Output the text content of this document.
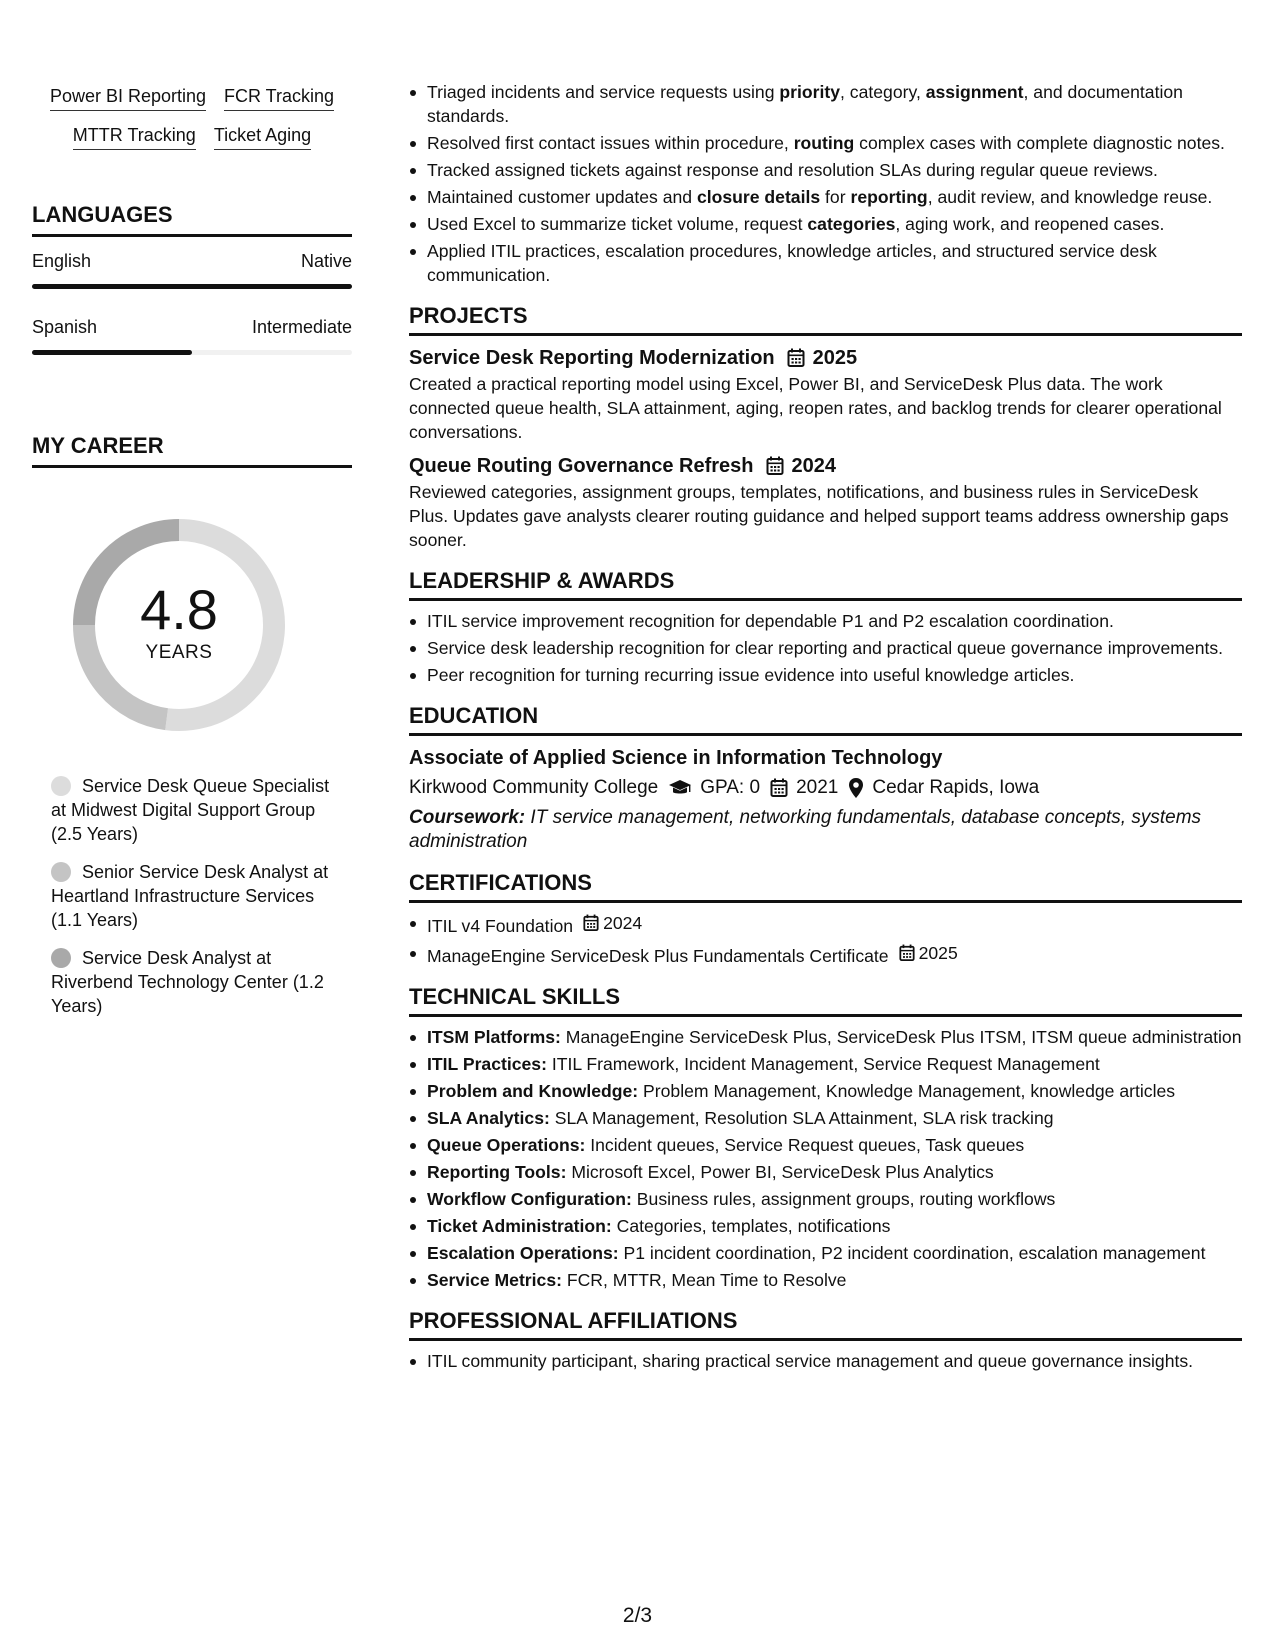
Power BI Reporting FCR Tracking
MTTR Tracking Ticket Aging
LANGUAGES
English	Native
Spanish	Intermediate
MY CAREER
4.8
YEARS
Service Desk Queue Specialist at Midwest Digital Support Group (2.5 Years)
Senior Service Desk Analyst at Heartland Infrastructure Services (1.1 Years)
Service Desk Analyst at Riverbend Technology Center (1.2 Years)
Triaged incidents and service requests using priority, category, assignment, and documentation standards.
Resolved first contact issues within procedure, routing complex cases with complete diagnostic notes.
Tracked assigned tickets against response and resolution SLAs during regular queue reviews.
Maintained customer updates and closure details for reporting, audit review, and knowledge reuse.
Used Excel to summarize ticket volume, request categories, aging work, and reopened cases.
Applied ITIL practices, escalation procedures, knowledge articles, and structured service desk communication.
PROJECTS
Service Desk Reporting Modernization 2025
Created a practical reporting model using Excel, Power BI, and ServiceDesk Plus data. The work connected queue health, SLA attainment, aging, reopen rates, and backlog trends for clearer operational conversations.
Queue Routing Governance Refresh 2024
Reviewed categories, assignment groups, templates, notifications, and business rules in ServiceDesk Plus. Updates gave analysts clearer routing guidance and helped support teams address ownership gaps sooner.
LEADERSHIP & AWARDS
ITIL service improvement recognition for dependable P1 and P2 escalation coordination.
Service desk leadership recognition for clear reporting and practical queue governance improvements.
Peer recognition for turning recurring issue evidence into useful knowledge articles.
EDUCATION
Associate of Applied Science in Information Technology
Kirkwood Community College GPA: 0 2021 Cedar Rapids, Iowa
Coursework: IT service management, networking fundamentals, database concepts, systems administration
CERTIFICATIONS
ITIL v4 Foundation 2024
ManageEngine ServiceDesk Plus Fundamentals Certificate 2025
TECHNICAL SKILLS
ITSM Platforms: ManageEngine ServiceDesk Plus, ServiceDesk Plus ITSM, ITSM queue administration
ITIL Practices: ITIL Framework, Incident Management, Service Request Management
Problem and Knowledge: Problem Management, Knowledge Management, knowledge articles
SLA Analytics: SLA Management, Resolution SLA Attainment, SLA risk tracking
Queue Operations: Incident queues, Service Request queues, Task queues
Reporting Tools: Microsoft Excel, Power BI, ServiceDesk Plus Analytics
Workflow Configuration: Business rules, assignment groups, routing workflows
Ticket Administration: Categories, templates, notifications
Escalation Operations: P1 incident coordination, P2 incident coordination, escalation management
Service Metrics: FCR, MTTR, Mean Time to Resolve
PROFESSIONAL AFFILIATIONS
ITIL community participant, sharing practical service management and queue governance insights.
2/3
